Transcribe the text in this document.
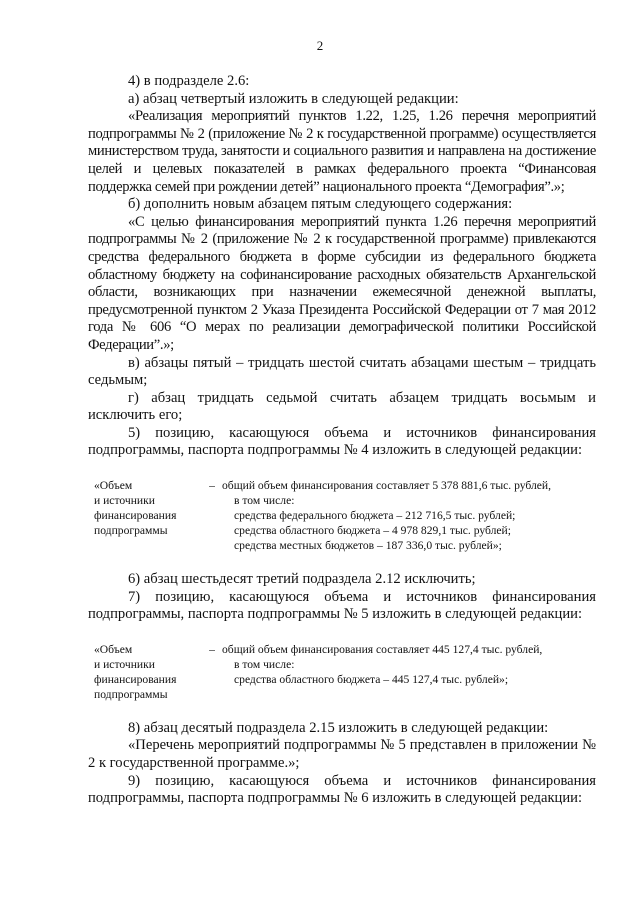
2

4) в подразделе 2.6:

а) абзац четвертый изложить в следующей редакции:

«Реализация мероприятий пунктов 1.22, 1.25, 1.26 перечня мероприятий подпрограммы № 2 (приложение № 2 к государственной программе) осуществляется министерством труда, занятости и социального развития и направлена на достижение целей и целевых показателей в рамках федерального проекта “Финансовая поддержка семей при рождении детей” национального проекта “Демография”.»;

б) дополнить новым абзацем пятым следующего содержания:

«С целью финансирования мероприятий пункта 1.26 перечня мероприятий подпрограммы № 2 (приложение № 2 к государственной программе) привлекаются средства федерального бюджета в форме субсидии из федерального бюджета областному бюджету на софинансирование расходных обязательств Архангельской области, возникающих при назначении ежемесячной денежной выплаты, предусмотренной пунктом 2 Указа Президента Российской Федерации от 7 мая 2012 года № 606 “О мерах по реализации демографической политики Российской Федерации”.»;

в) абзацы пятый – тридцать шестой считать абзацами шестым – тридцать седьмым;

г) абзац тридцать седьмой считать абзацем тридцать восьмым и исключить его;

5) позицию, касающуюся объема и источников финансирования подпрограммы, паспорта подпрограммы № 4 изложить в следующей редакции:

«Объем
и источники
финансирования
подпрограммы
	–	общий объем финансирования составляет 5 378 881,6 тыс. рублей,
в том числе:
средства федерального бюджета – 212 716,5 тыс. рублей;
средства областного бюджета – 4 978 829,1 тыс. рублей;
средства местных бюджетов – 187 336,0 тыс. рублей»;

6) абзац шестьдесят третий подраздела 2.12 исключить;

7) позицию, касающуюся объема и источников финансирования подпрограммы, паспорта подпрограммы № 5 изложить в следующей редакции:

«Объем
и источники
финансирования
подпрограммы
	–	общий объем финансирования составляет 445 127,4 тыс. рублей,
в том числе:
средства областного бюджета – 445 127,4 тыс. рублей»;

8) абзац десятый подраздела 2.15 изложить в следующей редакции:

«Перечень мероприятий подпрограммы № 5 представлен в приложении № 2 к государственной программе.»;

9) позицию, касающуюся объема и источников финансирования подпрограммы, паспорта подпрограммы № 6 изложить в следующей редакции:
